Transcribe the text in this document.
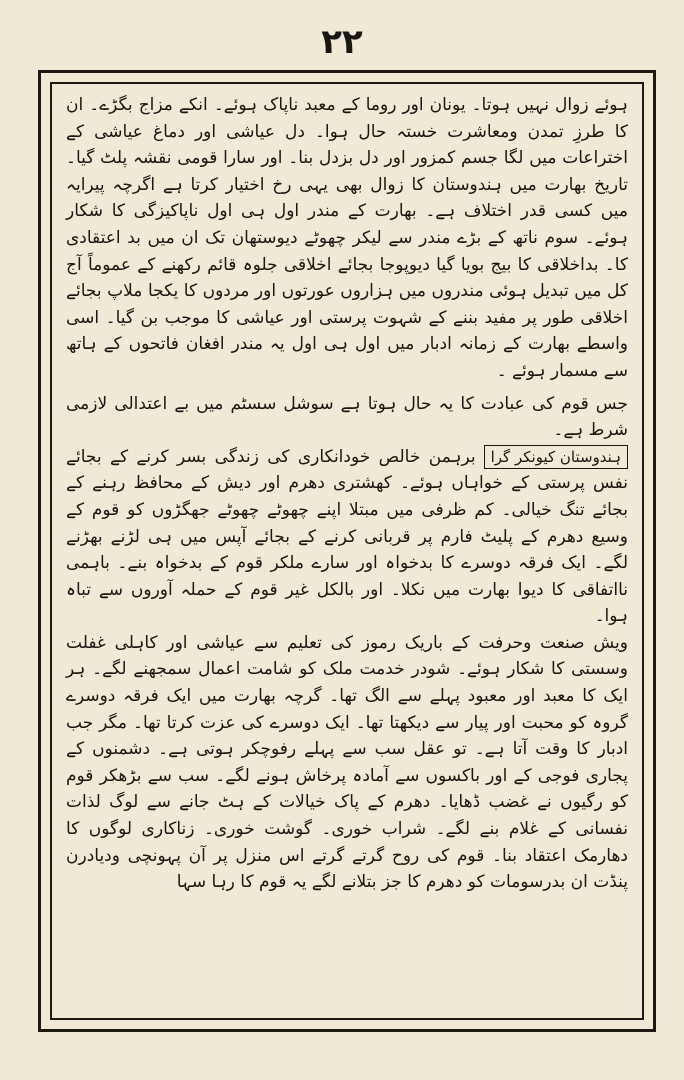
۲۲

ہوئے زوال نہیں ہوتا۔ یونان اور روما کے معبد ناپاک ہوئے۔ انکے مزاج بگڑے۔ ان کا طرزِ تمدن ومعاشرت خستہ حال ہوا۔ دل عیاشی اور دماغ عیاشی کے اختراعات میں لگا جسم کمزور اور دل بزدل بنا۔ اور سارا قومی نقشہ پلٹ گیا۔ تاریخ بھارت میں ہندوستان کا زوال بھی یہی رخ اختیار کرتا ہے اگرچہ پیرایہ میں کسی قدر اختلاف ہے۔ بھارت کے مندر اول ہی اول ناپاکیزگی کا شکار ہوئے۔ سوم ناتھ کے بڑے مندر سے لیکر چھوٹے دیوستھان تک ان میں بد اعتقادی کا۔ بداخلاقی کا بیج بویا گیا دیوپوجا بجائے اخلاقی جلوہ قائم رکھنے کے عموماً آج کل میں تبدیل ہوئی مندروں میں ہزاروں عورتوں اور مردوں کا یکجا ملاپ بجائے اخلاقی طور پر مفید بننے کے شہوت پرستی اور عیاشی کا موجب بن گیا۔ اسی واسطے بھارت کے زمانہ ادبار میں اول ہی اول یہ مندر افغان فاتحوں کے ہاتھ سے مسمار ہوئے ۔

جس قوم کی عبادت کا یہ حال ہوتا ہے سوشل سسٹم میں بے اعتدالی لازمی شرط ہے۔

ہندوستان کیونکر گرابرہمن خالص خودانکاری کی زندگی بسر کرنے کے بجائے نفس پرستی کے خواہاں ہوئے۔ کھشتری دھرم اور دیش کے محافظ رہنے کے بجائے تنگ خیالی۔ کم ظرفی میں مبتلا اپنے چھوٹے چھوٹے جھگڑوں کو قوم کے وسیع دھرم کے پلیٹ فارم پر قربانی کرنے کے بجائے آپس میں ہی لڑنے بھڑنے لگے۔ ایک فرقہ دوسرے کا بدخواہ اور سارے ملکر قوم کے بدخواہ بنے۔ باہمی نااتفاقی کا دیوا بھارت میں نکلا۔ اور بالکل غیر قوم کے حملہ آوروں سے تباہ ہوا۔

ویش صنعت وحرفت کے باریک رموز کی تعلیم سے عیاشی اور کاہلی غفلت وسستی کا شکار ہوئے۔ شودر خدمت ملک کو شامت اعمال سمجھنے لگے۔ ہر ایک کا معبد اور معبود پہلے سے الگ تھا۔ گرچہ بھارت میں ایک فرقہ دوسرے گروہ کو محبت اور پیار سے دیکھتا تھا۔ ایک دوسرے کی عزت کرتا تھا۔ مگر جب ادبار کا وقت آتا ہے۔ تو عقل سب سے پہلے رفوچکر ہوتی ہے۔ دشمنوں کے پجاری فوجی کے اور باکسوں سے آمادہ پرخاش ہونے لگے۔ سب سے بڑھکر قوم کو رگیوں نے غضب ڈھایا۔ دھرم کے پاک خیالات کے ہٹ جانے سے لوگ لذات نفسانی کے غلام بنے لگے۔ شراب خوری۔ گوشت خوری۔ زناکاری لوگوں کا دھارمک اعتقاد بنا۔ قوم کی روح گرتے گرتے اس منزل پر آن پہونچی ودیادرن پنڈت ان بدرسومات کو دھرم کا جز بتلانے لگے یہ قوم کا رہا سہا
